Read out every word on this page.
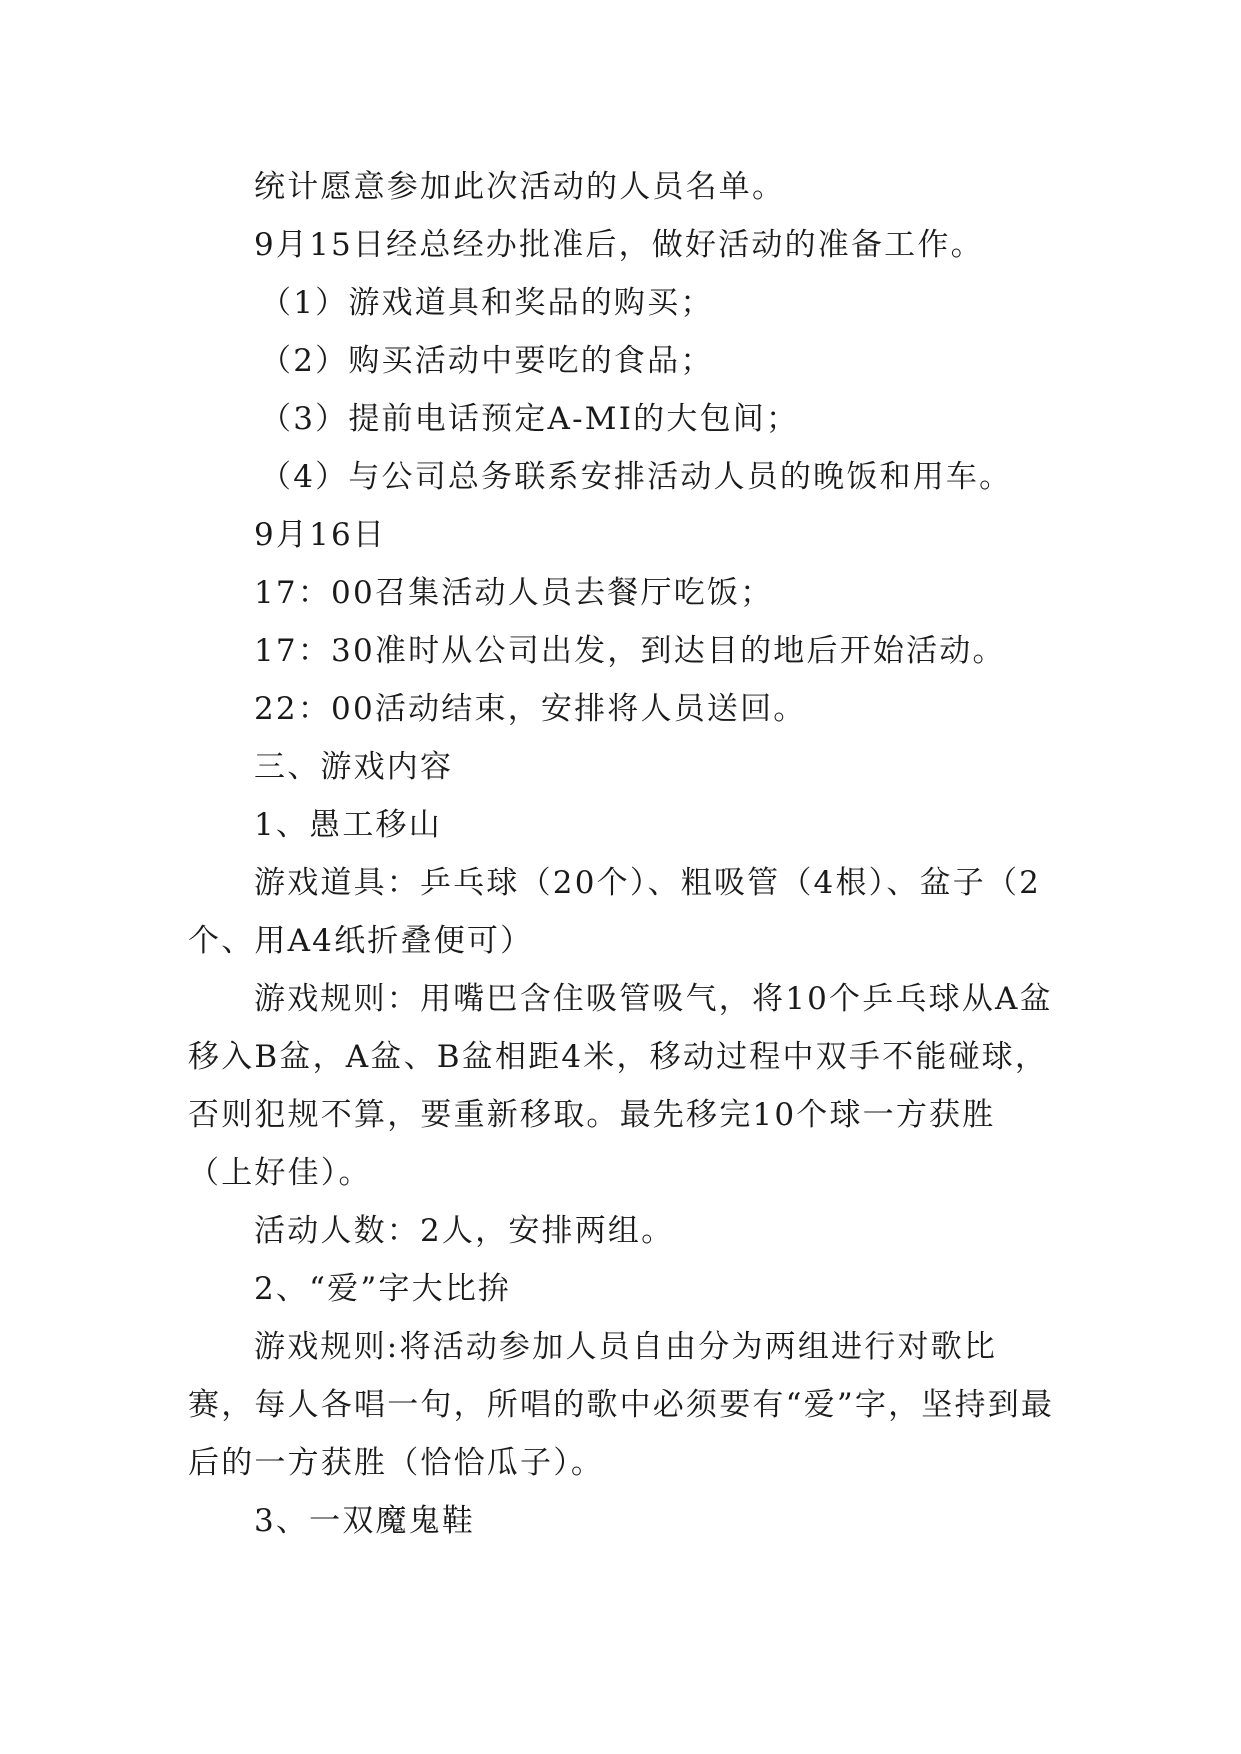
统计愿意参加此次活动的人员名单。

9月15日经总经办批准后，做好活动的准备工作。

（1）游戏道具和奖品的购买；

（2）购买活动中要吃的食品；

（3）提前电话预定A-MI的大包间；

（4）与公司总务联系安排活动人员的晚饭和用车。

9月16日

17：00召集活动人员去餐厅吃饭；

17：30准时从公司出发，到达目的地后开始活动。

22：00活动结束，安排将人员送回。

三、游戏内容

1、愚工移山

游戏道具：乒乓球（20个）、粗吸管（4根）、盆子（2个、用A4纸折叠便可）

游戏规则：用嘴巴含住吸管吸气，将10个乒乓球从A盆移入B盆，A盆、B盆相距4米，移动过程中双手不能碰球，否则犯规不算，要重新移取。最先移完10个球一方获胜（上好佳）。

活动人数：2人，安排两组。

2、“爱”字大比拚

游戏规则:将活动参加人员自由分为两组进行对歌比赛，每人各唱一句，所唱的歌中必须要有“爱”字，坚持到最后的一方获胜（恰恰瓜子）。

3、一双魔鬼鞋
